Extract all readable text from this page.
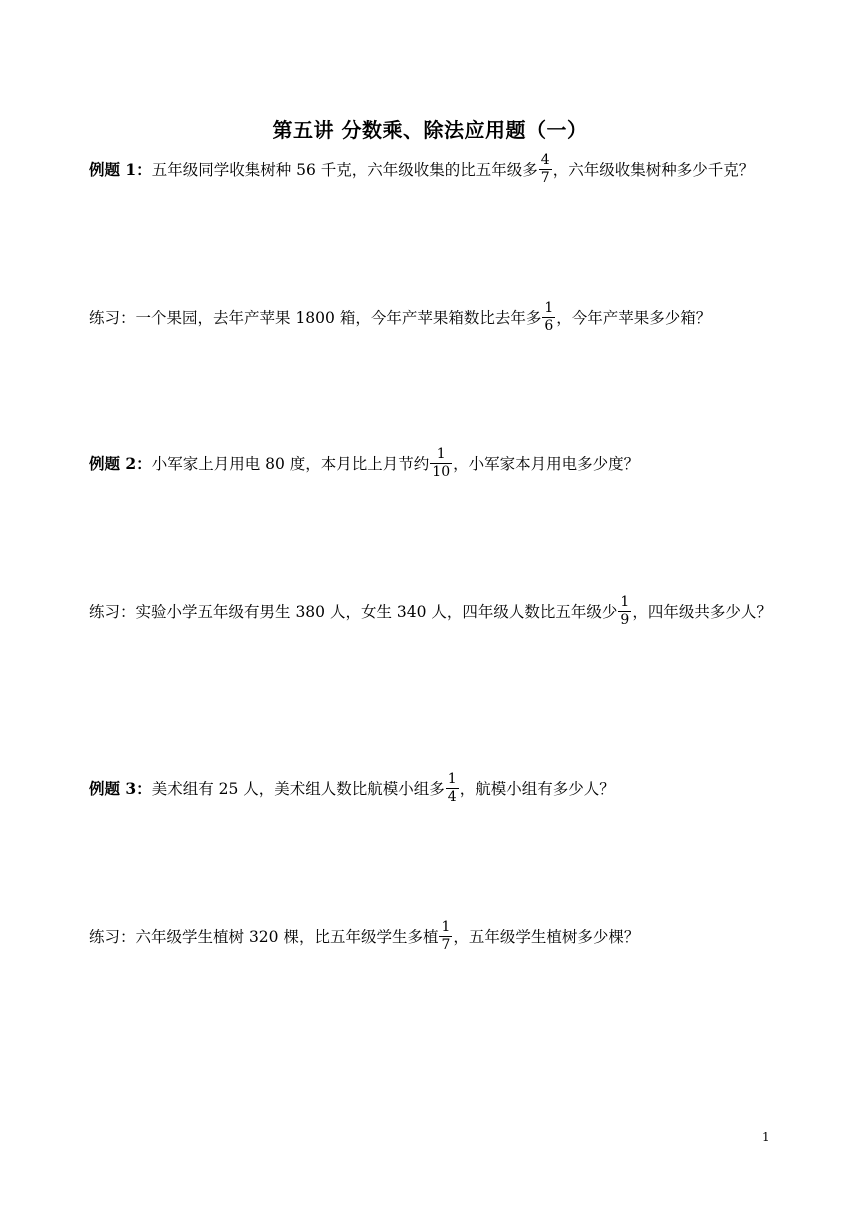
第五讲 分数乘、除法应用题（一）
例题 1：五年级同学收集树种 56 千克，六年级收集的比五年级多 $\frac{4}{7}$ ，六年级收集树种多少千克？
练习：一个果园，去年产苹果 1800 箱，今年产苹果箱数比去年多 $\frac{1}{6}$ ，今年产苹果多少箱？
例题 2：小军家上月用电 80 度，本月比上月节约 $\frac{1}{10}$ ，小军家本月用电多少度？
练习：实验小学五年级有男生 380 人，女生 340 人，四年级人数比五年级少 $\frac{1}{9}$ ，四年级共多少人？
例题 3：美术组有 25 人，美术组人数比航模小组多 $\frac{1}{4}$ ，航模小组有多少人？
练习：六年级学生植树 320 棵，比五年级学生多植 $\frac{1}{7}$ ，五年级学生植树多少棵？
1
